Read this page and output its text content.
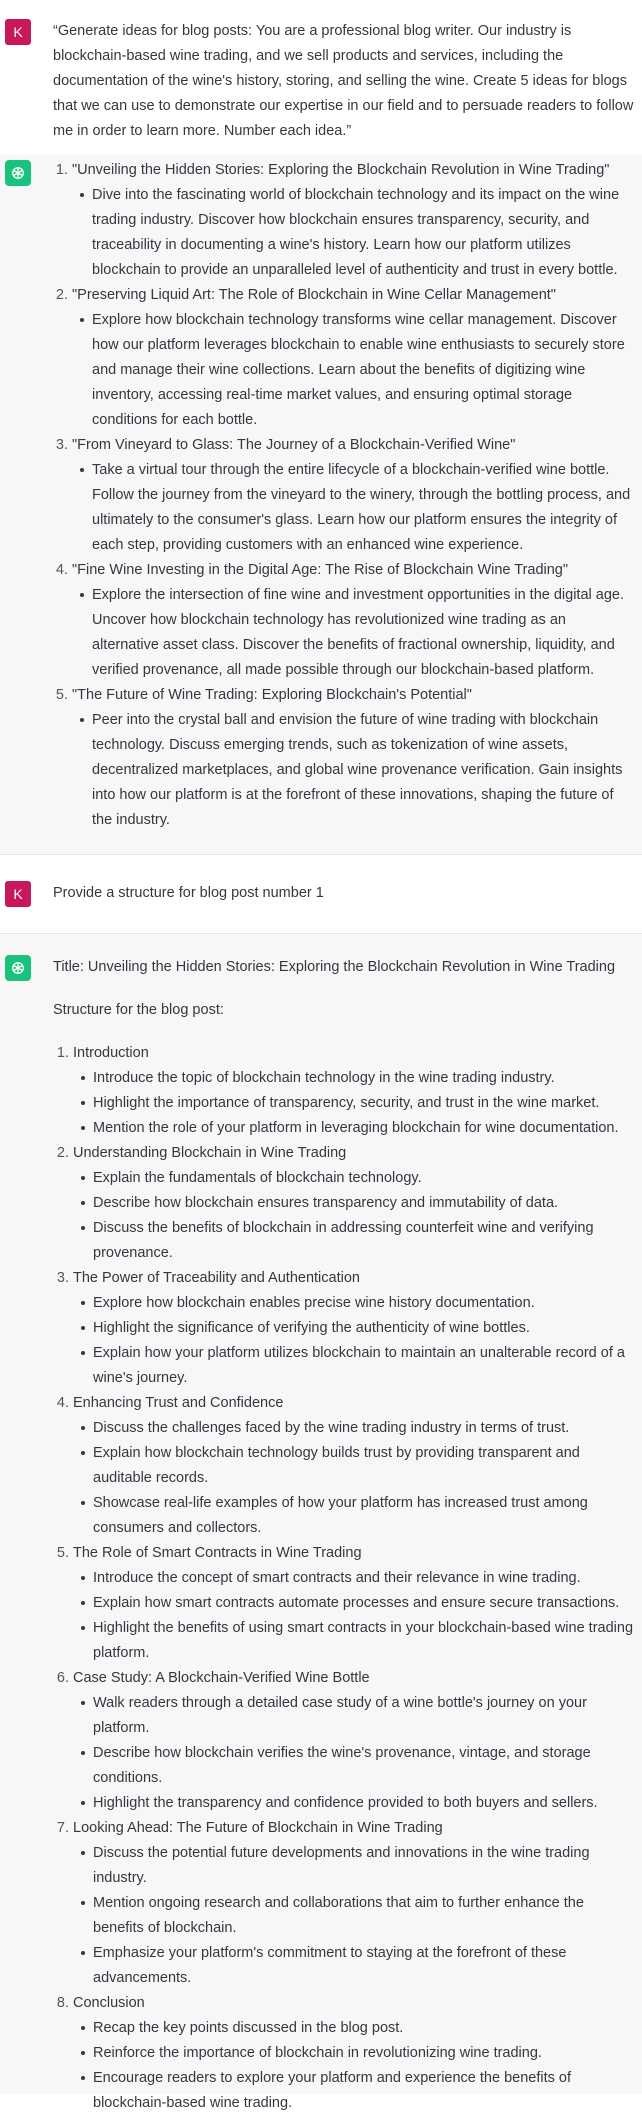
K “Generate ideas for blog posts: You are a professional blog writer. Our industry is blockchain-based wine trading, and we sell products and services, including the documentation of the wine's history, storing, and selling the wine. Create 5 ideas for blogs that we can use to demonstrate our expertise in our field and to persuade readers to follow me in order to learn more. Number each idea.”

1. "Unveiling the Hidden Stories: Exploring the Blockchain Revolution in Wine Trading"
Dive into the fascinating world of blockchain technology and its impact on the wine trading industry. Discover how blockchain ensures transparency, security, and traceability in documenting a wine's history. Learn how our platform utilizes blockchain to provide an unparalleled level of authenticity and trust in every bottle.
2. "Preserving Liquid Art: The Role of Blockchain in Wine Cellar Management"
Explore how blockchain technology transforms wine cellar management. Discover how our platform leverages blockchain to enable wine enthusiasts to securely store and manage their wine collections. Learn about the benefits of digitizing wine inventory, accessing real-time market values, and ensuring optimal storage conditions for each bottle.
3. "From Vineyard to Glass: The Journey of a Blockchain-Verified Wine"
Take a virtual tour through the entire lifecycle of a blockchain-verified wine bottle. Follow the journey from the vineyard to the winery, through the bottling process, and ultimately to the consumer's glass. Learn how our platform ensures the integrity of each step, providing customers with an enhanced wine experience.
4. "Fine Wine Investing in the Digital Age: The Rise of Blockchain Wine Trading"
Explore the intersection of fine wine and investment opportunities in the digital age. Uncover how blockchain technology has revolutionized wine trading as an alternative asset class. Discover the benefits of fractional ownership, liquidity, and verified provenance, all made possible through our blockchain-based platform.
5. "The Future of Wine Trading: Exploring Blockchain's Potential"
Peer into the crystal ball and envision the future of wine trading with blockchain technology. Discuss emerging trends, such as tokenization of wine assets, decentralized marketplaces, and global wine provenance verification. Gain insights into how our platform is at the forefront of these innovations, shaping the future of the industry.
K Provide a structure for blog post number 1

Title: Unveiling the Hidden Stories: Exploring the Blockchain Revolution in Wine Trading

Structure for the blog post:

1. Introduction
Introduce the topic of blockchain technology in the wine trading industry.
Highlight the importance of transparency, security, and trust in the wine market.
Mention the role of your platform in leveraging blockchain for wine documentation.
2. Understanding Blockchain in Wine Trading
Explain the fundamentals of blockchain technology.
Describe how blockchain ensures transparency and immutability of data.
Discuss the benefits of blockchain in addressing counterfeit wine and verifying provenance.
3. The Power of Traceability and Authentication
Explore how blockchain enables precise wine history documentation.
Highlight the significance of verifying the authenticity of wine bottles.
Explain how your platform utilizes blockchain to maintain an unalterable record of a wine's journey.
4. Enhancing Trust and Confidence
Discuss the challenges faced by the wine trading industry in terms of trust.
Explain how blockchain technology builds trust by providing transparent and auditable records.
Showcase real-life examples of how your platform has increased trust among consumers and collectors.
5. The Role of Smart Contracts in Wine Trading
Introduce the concept of smart contracts and their relevance in wine trading.
Explain how smart contracts automate processes and ensure secure transactions.
Highlight the benefits of using smart contracts in your blockchain-based wine trading platform.
6. Case Study: A Blockchain-Verified Wine Bottle
Walk readers through a detailed case study of a wine bottle's journey on your platform.
Describe how blockchain verifies the wine's provenance, vintage, and storage conditions.
Highlight the transparency and confidence provided to both buyers and sellers.
7. Looking Ahead: The Future of Blockchain in Wine Trading
Discuss the potential future developments and innovations in the wine trading industry.
Mention ongoing research and collaborations that aim to further enhance the benefits of blockchain.
Emphasize your platform's commitment to staying at the forefront of these advancements.
8. Conclusion
Recap the key points discussed in the blog post.
Reinforce the importance of blockchain in revolutionizing wine trading.
Encourage readers to explore your platform and experience the benefits of blockchain-based wine trading.
